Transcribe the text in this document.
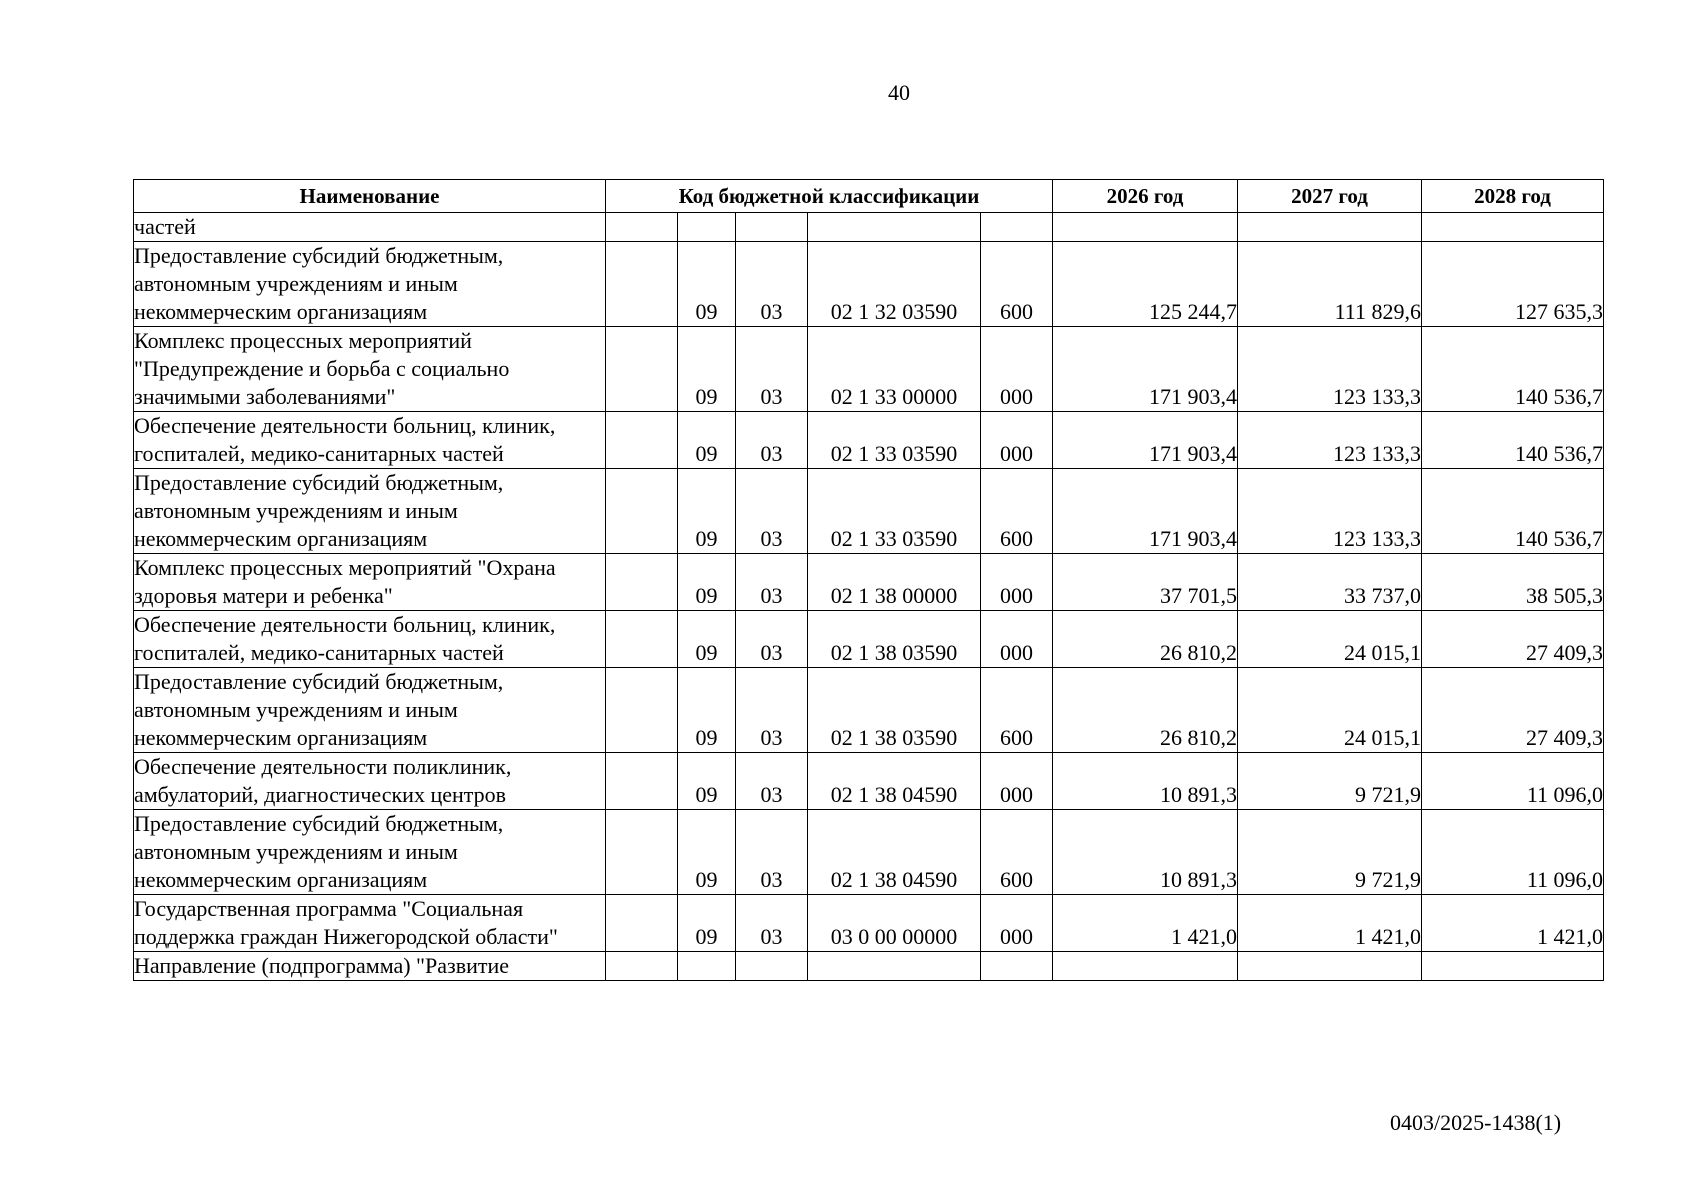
40
Наименование	Код бюджетной классификации					2026 год	2027 год	2028 год
частей								
Предоставление субсидий бюджетным, автономным учреждениям и иным некоммерческим организациям		09	03	02 1 32 03590	600	125 244,7	111 829,6	127 635,3
Комплекс процессных мероприятий "Предупреждение и борьба с социально значимыми заболеваниями"		09	03	02 1 33 00000	000	171 903,4	123 133,3	140 536,7
Обеспечение деятельности больниц, клиник, госпиталей, медико-санитарных частей		09	03	02 1 33 03590	000	171 903,4	123 133,3	140 536,7
Предоставление субсидий бюджетным, автономным учреждениям и иным некоммерческим организациям		09	03	02 1 33 03590	600	171 903,4	123 133,3	140 536,7
Комплекс процессных мероприятий "Охрана здоровья матери и ребенка"		09	03	02 1 38 00000	000	37 701,5	33 737,0	38 505,3
Обеспечение деятельности больниц, клиник, госпиталей, медико-санитарных частей		09	03	02 1 38 03590	000	26 810,2	24 015,1	27 409,3
Предоставление субсидий бюджетным, автономным учреждениям и иным некоммерческим организациям		09	03	02 1 38 03590	600	26 810,2	24 015,1	27 409,3
Обеспечение деятельности поликлиник, амбулаторий, диагностических центров		09	03	02 1 38 04590	000	10 891,3	9 721,9	11 096,0
Предоставление субсидий бюджетным, автономным учреждениям и иным некоммерческим организациям		09	03	02 1 38 04590	600	10 891,3	9 721,9	11 096,0
Государственная программа "Социальная поддержка граждан Нижегородской области"		09	03	03 0 00 00000	000	1 421,0	1 421,0	1 421,0
Направление (подпрограмма) "Развитие								
0403/2025-1438(1)
